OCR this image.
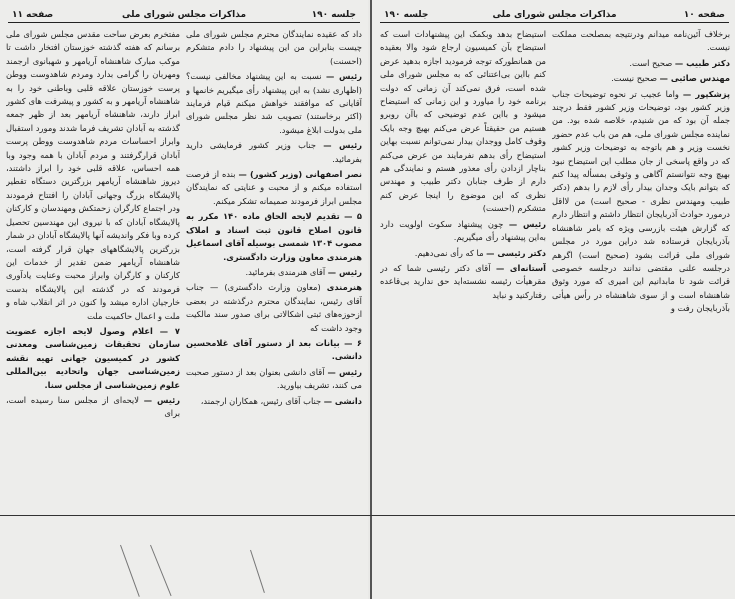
مذاکرات مجلس شورای ملی	جلسه ۱۹۰
صفحه ۱۱

داد که عقیده نمایندگان محترم مجلس شورای ملی چیست بنابراین من این پیشنهاد را دادم متشکرم (احسنت)

رئیس — نسبت به این پیشنهاد مخالفی نیست؟ (اظهاری نشد) به این پیشنهاد رأی میگیریم خانمها و آقایانی که موافقند خواهش میکنم قیام فرمایند (اکثر برخاستند) تصویب شد نظر مجلس شورای ملی بدولت ابلاغ میشود.

رئیس — جناب وزیر کشور فرمایشی دارید بفرمائید.

نصر اصفهانی (وزیر کشور) — بنده از فرصت استفاده میکنم و از محبت و عنایتی که نمایندگان مجلس ابراز فرمودند صمیمانه تشکر میکنم.

۵ — تقدیم لایحه الحاق ماده ۱۴۰ مکرر به قانون اصلاح قانون ثبت اسناد و املاک مصوب ۱۳۰۴ شمسی بوسیله آقای اسماعیل هنرمندی معاون وزارت دادگستری.

رئیس — آقای هنرمندی بفرمائید.

هنرمندی (معاون وزارت دادگستری) — جناب آقای رئیس، نمایندگان محترم درگذشته در بعضی ازحوزه‌های ثبتی اشکالاتی برای صدور سند مالکیت وجود داشت که

۶ — بیانات بعد از دستور آقای غلامحسین دانشی.

رئیس — آقای دانشی بعنوان بعد از دستور صحبت می کنند، تشریف بیاورید.

دانشی — جناب آقای رئیس، همکاران ارجمند،

مفتخرم بعرض ساحت مقدس مجلس شورای ملی برسانم که هفته گذشته خوزستان افتخار داشت تا موکب مبارک شاهنشاه آریامهر و شهبانوی ارجمند ومهربان را گرامی بدارد ومردم شاهدوست ووطن پرست خوزستان علاقه قلبی وباطنی خود را به شاهنشاه آریامهر و به کشور و پیشرفت های کشور ابراز دارند، شاهنشاه آریامهر بعد از ظهر جمعه گذشته به آبادان تشریف فرما شدند ومورد استقبال وابراز احساسات مردم شاهدوست ووطن پرست آبادان قرارگرفتند و مردم آبادان با همه وجود وبا همه احساس، علاقه قلبی خود را ابراز داشتند، دیروز شاهنشاه آریامهر بزرگترین دستگاه تقطیر پالایشگاه بزرگ وجهانی آبادان را افتتاح فرمودند ودر اجتماع کارگران زحمتکش ومهندسان و کارکنان پالایشگاه آبادان که با نیروی این مهندسین تحصیل کرده وبا فکر واندیشه آنها پالایشگاه آبادان در شمار بزرگترین پالایشگاههای جهان قرار گرفته است، شاهنشاه آریامهر ضمن تقدیر از خدمات این کارکنان و کارگران وابراز محبت وعنایت یادآوری فرمودند که در گذشته این پالایشگاه بدست خارجیان اداره میشد وا کنون در اثر انقلاب شاه و ملت و اعمال حاکمیت ملت

۷ — اعلام وصول لایحه اجازه عضویت سازمان تحقیقات زمین‌شناسی ومعدنی کشور در کمیسیون جهانی تهیه نقشه زمین‌شناسی جهان واتحادیه بین‌المللی علوم زمین‌شناسی از مجلس سنا.

رئیس — لایحه‌ای از مجلس سنا رسیده است، برای

مذاکرات مجلس شورای ملی	صفحه ۱۰
جلسه ۱۹۰

برخلاف آئین‌نامه میدانم ودرنتیجه بمصلحت مملکت نیست.

دکتر طبیب — صحیح است.

مهندس صائبی — صحیح نیست.

پزشکپور — واما عجیب تر نحوه توضیحات جناب وزیر کشور بود، توضیحات وزیر کشور فقط درچند جمله آن بود که من شنیدم، خلاصه شده بود. من نماینده مجلس شورای ملی، هم من باب عدم حضور نخست وزیر و هم باتوجه به توضیحات وزیر کشور که در واقع پاسخی از جان مطلب این استیضاح نبود بهیچ وجه نتوانستم آگاهی و وثوقی بمسأله پیدا کنم که بتوانم بایک وجدان بیدار رأی لازم را بدهم (دکتر طبیب ومهندس نظری - صحیح است) من لااقل درمورد حوادث آذربایجان انتظار داشتم و انتظار دارم که گزارش هیئت بازرسی ویژه که بامر شاهنشاه بآذربایجان فرستاده شد دراین مورد در مجلس شورای ملی قرائت بشود (صحیح است) اگرهم درجلسه علنی مقتضی ندانند درجلسه خصوصی قرائت شود تا مابدانیم این امیری که مورد وثوق شاهنشاه است و از سوی شاهنشاه در رأس هیأتی بآذربایجان رفت و

استیضاح بدهد وبکمک این پیشنهادات است که استیضاح بآن کمیسیون ارجاع شود والا بعقیده من همانطورکه توجه فرمودید اجازه بدهید عرض کنم بااین بی‌اعتنائی که به مجلس شورای ملی شده است، فرق نمی‌کند آن زمانی که دولت برنامه خود را میاورد و این زمانی که استیضاح میشود و بااین عدم توضیحی که باآن روبرو هستیم من حقیقتاً عرض می‌کنم بهیچ وجه بایک وقوف کامل ووجدان بیدار نمی‌توانم نسبت بهاین استیضاح رأی بدهم نفرمایند من عرض می‌کنم بناچار ازدادن رأی معذور هستم و نمایندگی هم دارم از طرف جنابان دکتر طبیب و مهندس نظری که این موضوع را اینجا عرض کنم متشکرم (احسنت)

رئیس — چون پیشنهاد سکوت اولویت دارد به‌این پیشنهاد رأی میگیریم.

دکتر رئیسی — ما که رأی نمی‌دهیم.

آستانه‌ای — آقای دکتر رئیسی شما که در مقرهیأت رئیسه نشسته‌اید حق ندارید بی‌قاعده رفتارکنید و نباید
